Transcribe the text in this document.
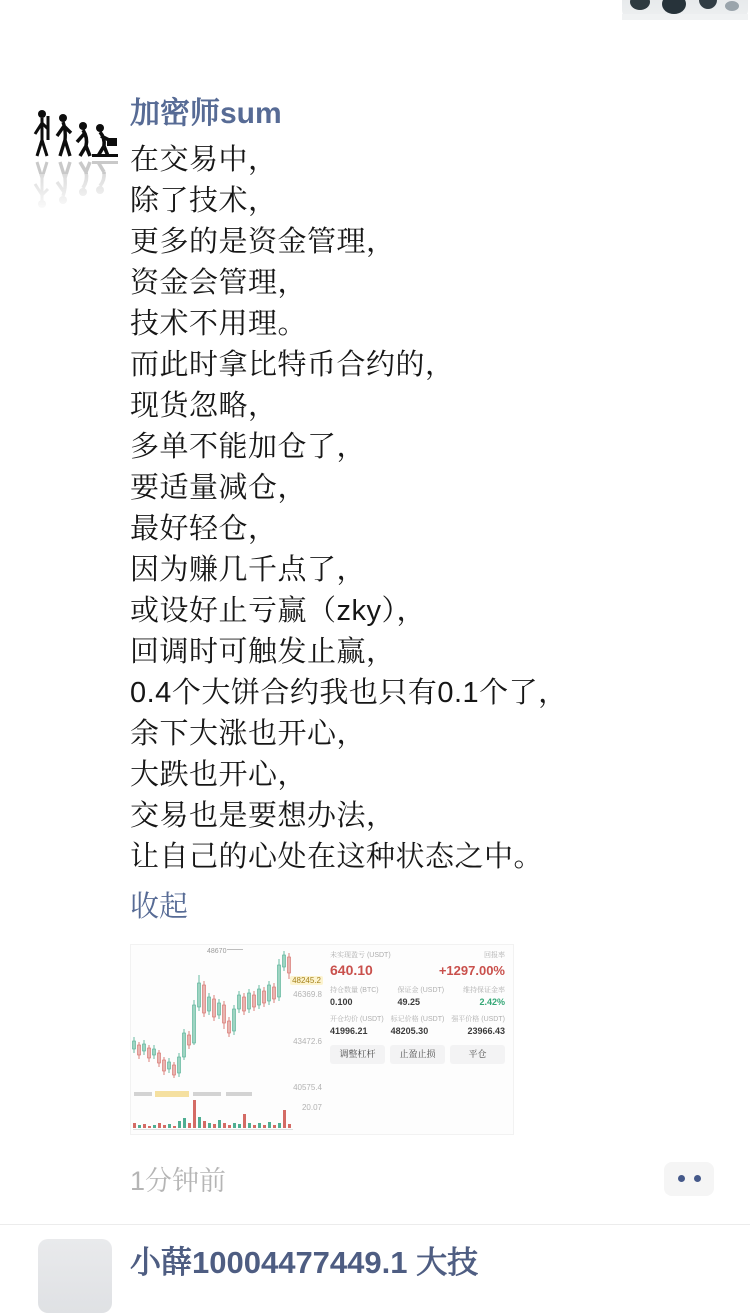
加密师sum
在交易中，
除了技术，
更多的是资金管理，
资金会管理，
技术不用理。
而此时拿比特币合约的，
现货忽略，
多单不能加仓了，
要适量减仓，
最好轻仓，
因为赚几千点了，
或设好止亏赢（zky），
回调时可触发止赢，
0.4个大饼合约我也只有0.1个了，
余下大涨也开心，
大跌也开心，
交易也是要想办法，
让自己的心处在这种状态之中。
收起
48670
48245.2
46369.8
43472.6
40575.4
20.07
未实现盈亏 (USDT)	回报率
640.10	+1297.00%
持仓数量 (BTC)
0.100
保证金 (USDT)
49.25
维持保证金率
2.42%
开仓均价 (USDT)
41996.21
标记价格 (USDT)
48205.30
强平价格 (USDT)
23966.43
调整杠杆	止盈止损	平仓
1分钟前
小薛10004477449.1 大技
